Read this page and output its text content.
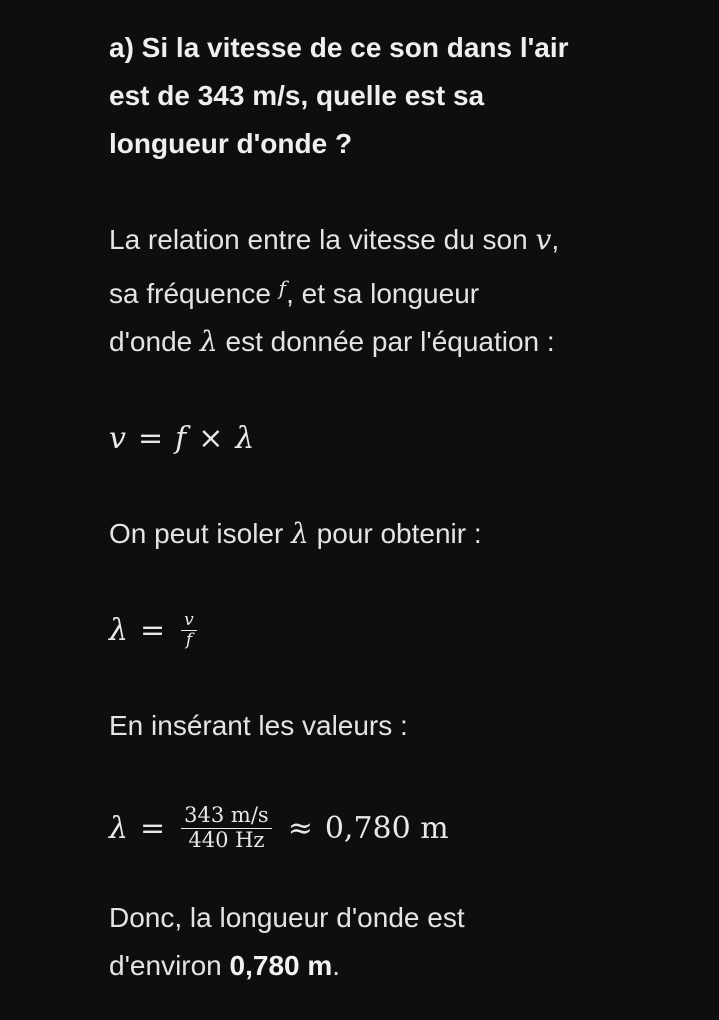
a) Si la vitesse de ce son dans l'air
est de 343 m/s, quelle est sa
longueur d'onde ?

La relation entre la vitesse du son v,
sa fréquence $^f$, et sa longueur
d'onde λ est donnée par l'équation :

v = f × λ

On peut isoler λ pour obtenir :

$\lambda = \frac{v}{f}$

En insérant les valeurs :

$\lambda = \frac{343 m/s}{440 Hz} \approx 0,780$ m

Donc, la longueur d'onde est
d'environ 0,780 m.
